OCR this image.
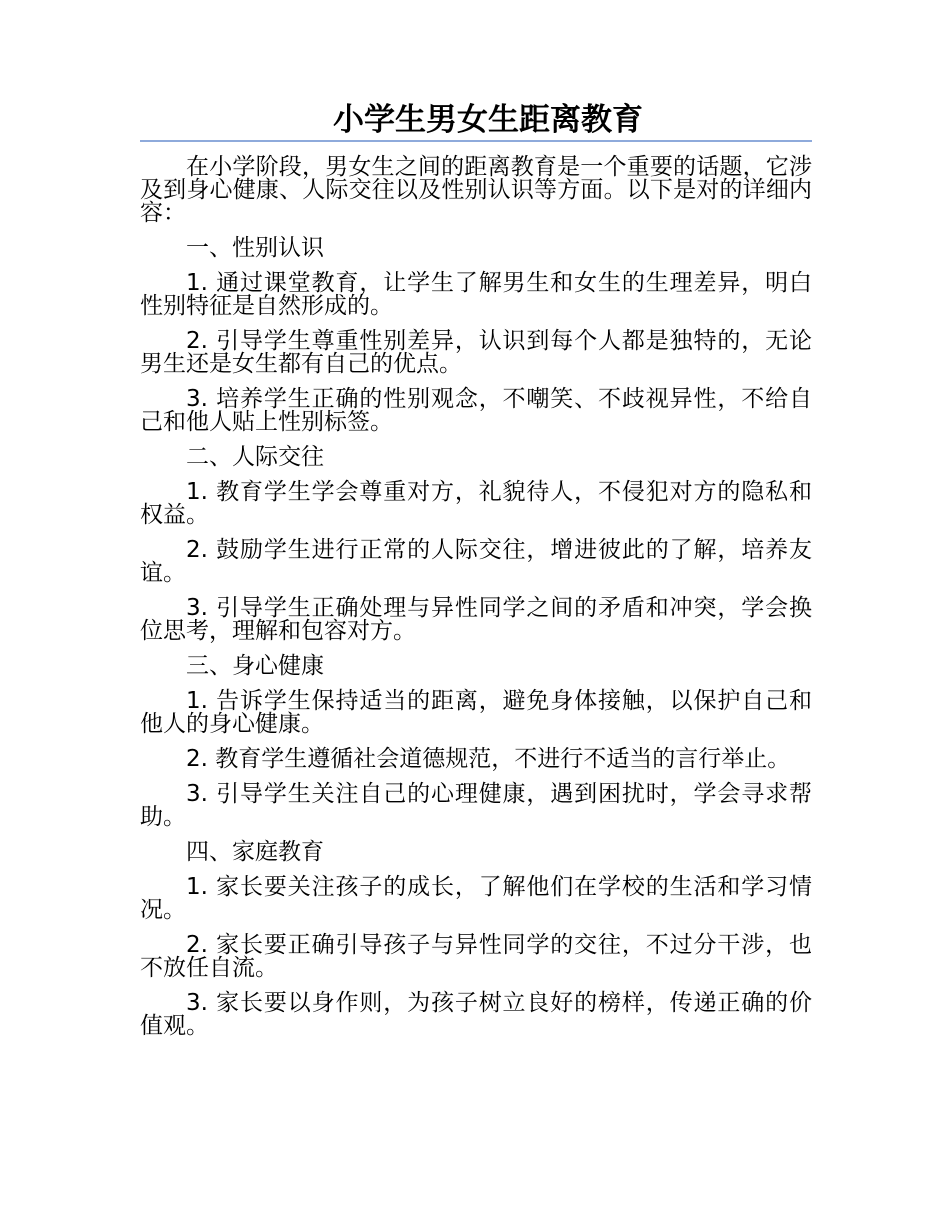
小学生男女生距离教育

在小学阶段，男女生之间的距离教育是一个重要的话题，它涉及到身心健康、人际交往以及性别认识等方面。以下是对的详细内容：

一、性别认识

1. 通过课堂教育，让学生了解男生和女生的生理差异，明白性别特征是自然形成的。

2. 引导学生尊重性别差异，认识到每个人都是独特的，无论男生还是女生都有自己的优点。

3. 培养学生正确的性别观念，不嘲笑、不歧视异性，不给自己和他人贴上性别标签。

二、人际交往

1. 教育学生学会尊重对方，礼貌待人，不侵犯对方的隐私和权益。

2. 鼓励学生进行正常的人际交往，增进彼此的了解，培养友谊。

3. 引导学生正确处理与异性同学之间的矛盾和冲突，学会换位思考，理解和包容对方。

三、身心健康

1. 告诉学生保持适当的距离，避免身体接触，以保护自己和他人的身心健康。

2. 教育学生遵循社会道德规范，不进行不适当的言行举止。

3. 引导学生关注自己的心理健康，遇到困扰时，学会寻求帮助。

四、家庭教育

1. 家长要关注孩子的成长，了解他们在学校的生活和学习情况。

2. 家长要正确引导孩子与异性同学的交往，不过分干涉，也不放任自流。

3. 家长要以身作则，为孩子树立良好的榜样，传递正确的价值观。
